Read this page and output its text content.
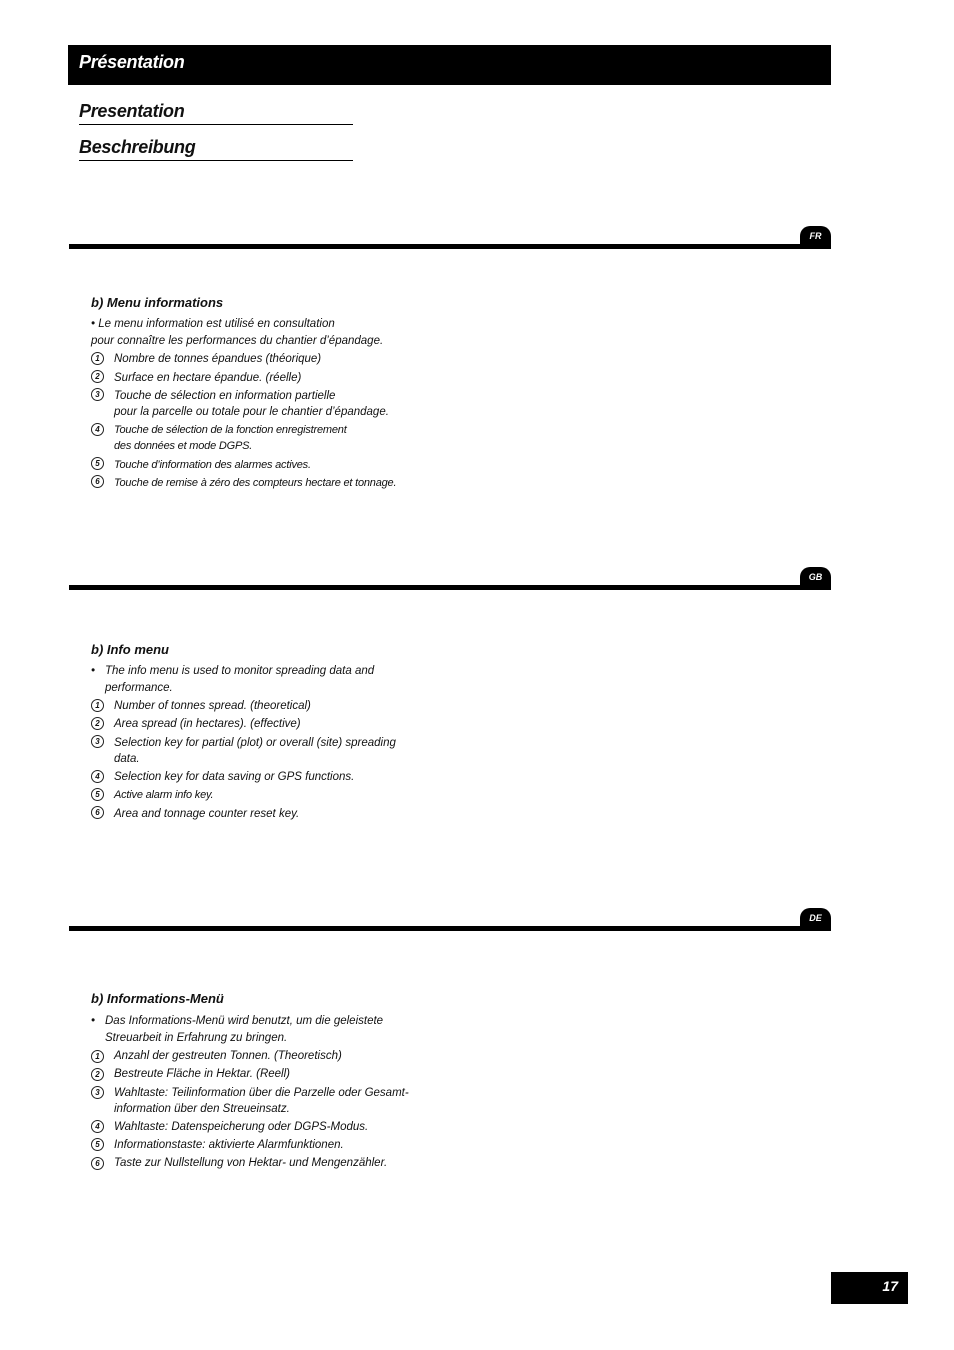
Présentation
Presentation
Beschreibung
FR
b) Menu informations
• Le menu information est utilisé en consultation
pour connaître les performances du chantier d’épandage.
1	Nombre de tonnes épandues (théorique)
2	Surface en hectare épandue. (réelle)
3	Touche de sélection en information partielle
pour la parcelle ou totale pour le chantier d’épandage.
4	Touche de sélection de la fonction enregistrement
des données et mode DGPS.
5	Touche d’information des alarmes actives.
6	Touche de remise à zéro des compteurs hectare et tonnage.
GB
b) Info menu
• The info menu is used to monitor spreading data and
performance.
1	Number of tonnes spread. (theoretical)
2	Area spread (in hectares). (effective)
3	Selection key for partial (plot) or overall (site) spreading
data.
4	Selection key for data saving or GPS functions.
5	Active alarm info key.
6	Area and tonnage counter reset key.
DE
b) Informations-Menü
• Das Informations-Menü wird benutzt, um die geleistete
Streuarbeit in Erfahrung zu bringen.
1	Anzahl der gestreuten Tonnen. (Theoretisch)
2	Bestreute Fläche in Hektar. (Reell)
3	Wahltaste: Teilinformation über die Parzelle oder Gesamt-
information über den Streueinsatz.
4	Wahltaste: Datenspeicherung oder DGPS-Modus.
5	Informationstaste: aktivierte Alarmfunktionen.
6	Taste zur Nullstellung von Hektar- und Mengenzähler.
17
